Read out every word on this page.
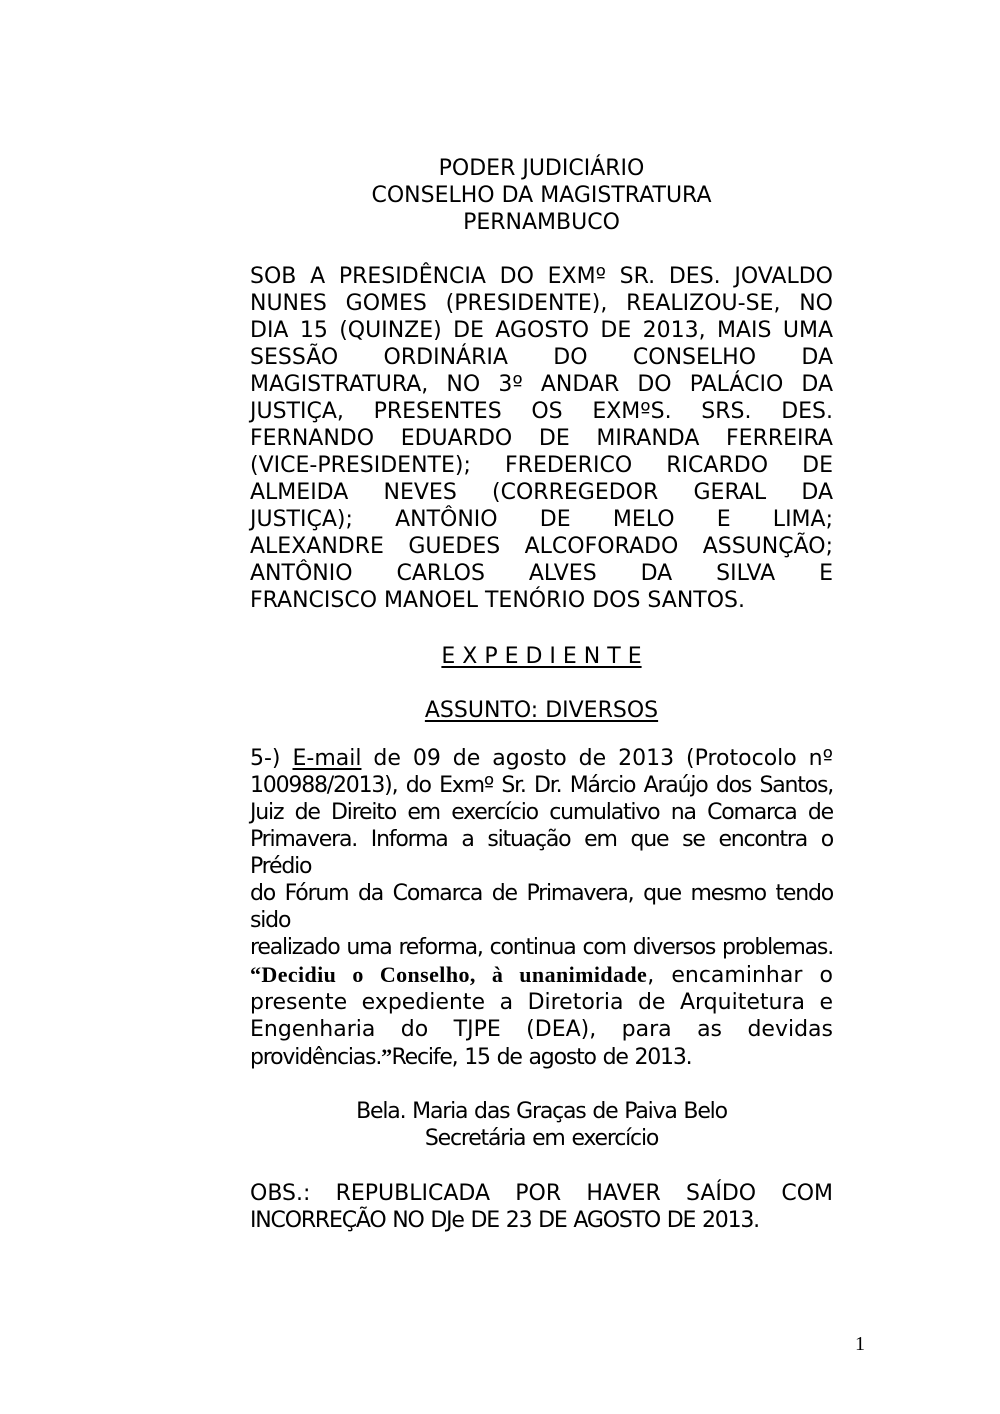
PODER JUDICIÁRIO
CONSELHO DA MAGISTRATURA
PERNAMBUCO
SOB A PRESIDÊNCIA DO EXMº SR. DES. JOVALDO
NUNES GOMES (PRESIDENTE), REALIZOU-SE, NO
DIA 15 (QUINZE) DE AGOSTO DE 2013, MAIS UMA
SESSÃO ORDINÁRIA DO CONSELHO DA
MAGISTRATURA, NO 3º ANDAR DO PALÁCIO DA
JUSTIÇA, PRESENTES OS EXMºS. SRS. DES.
FERNANDO EDUARDO DE MIRANDA FERREIRA
(VICE-PRESIDENTE); FREDERICO RICARDO DE
ALMEIDA NEVES (CORREGEDOR GERAL DA
JUSTIÇA); ANTÔNIO DE MELO E LIMA;
ALEXANDRE GUEDES ALCOFORADO ASSUNÇÃO;
ANTÔNIO CARLOS ALVES DA SILVA E
FRANCISCO MANOEL TENÓRIO DOS SANTOS.
E X P E D I E N T E
ASSUNTO: DIVERSOS
5-) E-mail de 09 de agosto de 2013 (Protocolo nº
100988/2013), do Exmº Sr. Dr. Márcio Araújo dos Santos,
Juiz de Direito em exercício cumulativo na Comarca de
Primavera. Informa a situação em que se encontra o Prédio
do Fórum da Comarca de Primavera, que mesmo tendo sido
realizado uma reforma, continua com diversos problemas.
“Decidiu o Conselho, à unanimidade, encaminhar o
presente expediente a Diretoria de Arquitetura e
Engenharia do TJPE (DEA), para as devidas
providências.” Recife, 15 de agosto de 2013.
Bela. Maria das Graças de Paiva Belo
Secretária em exercício
OBS.: REPUBLICADA POR HAVER SAÍDO COM
INCORREÇÃO NO DJe DE 23 DE AGOSTO DE 2013.
1
